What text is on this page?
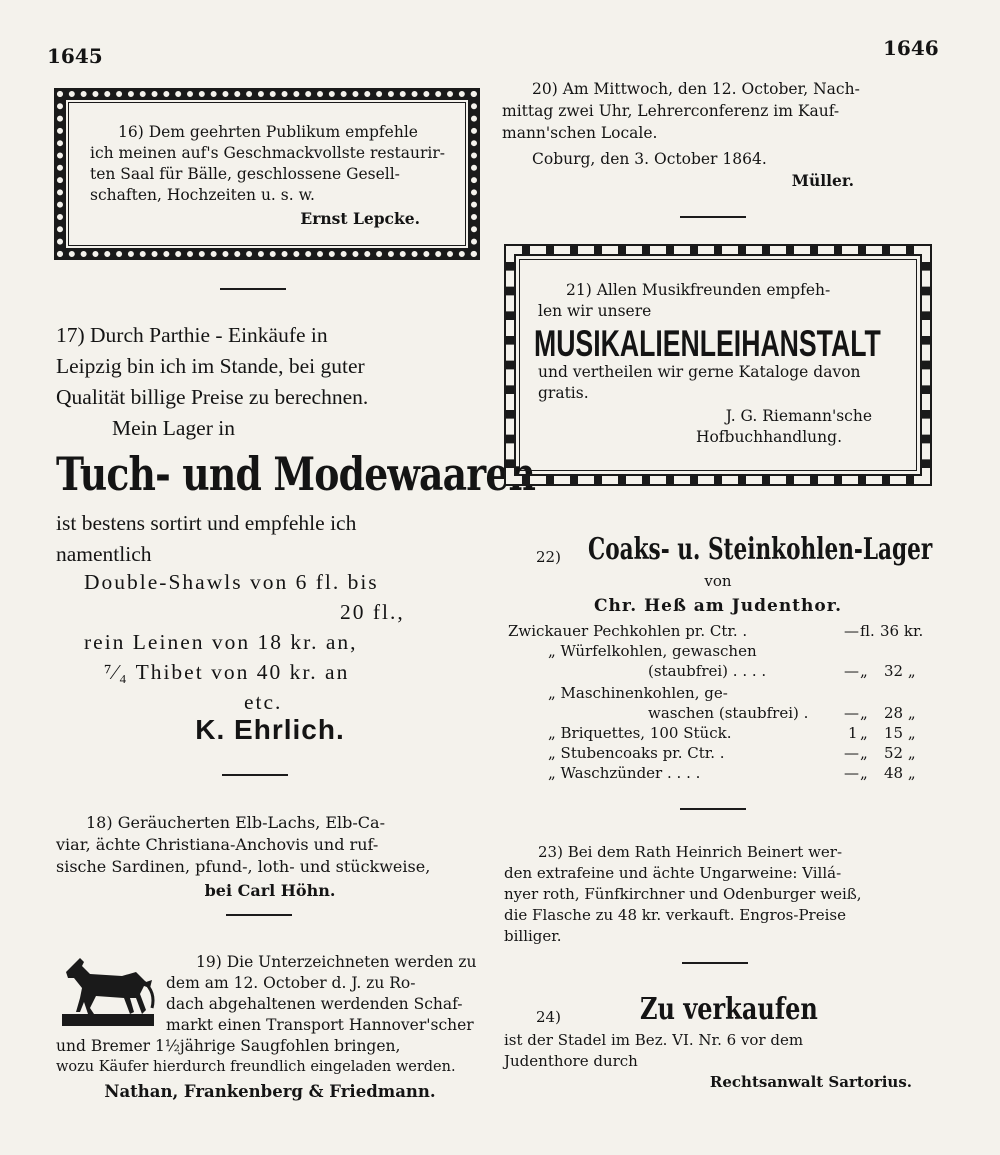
1645	1646
16) Dem geehrten Publikum empfehle
ich meinen auf's Geschmackvollste restaurir-
ten Saal für Bälle, geschlossene Gesell-
schaften, Hochzeiten u. s. w.
Ernst Lepcke.
17) Durch Parthie - Einkäufe in
Leipzig bin ich im Stande, bei guter
Qualität billige Preise zu berechnen.
Mein Lager in
Tuch- und Modewaaren
ist bestens sortirt und empfehle ich
namentlich
Double-Shawls von 6 fl. bis
20 fl.,
rein Leinen von 18 kr. an,
⁷⁄₄ Thibet von 40 kr. an
etc.
K. Ehrlich.
18) Geräucherten Elb-Lachs, Elb-Ca-
viar, ächte Christiana-Anchovis und ruf-
sische Sardinen, pfund-, loth- und stückweise,
bei Carl Höhn.
19) Die Unterzeichneten werden zu
dem am 12. October d. J. zu Ro-
dach abgehaltenen werdenden Schaf-
markt einen Transport Hannover'scher
und Bremer 1½jährige Saugfohlen bringen,
wozu Käufer hierdurch freundlich eingeladen werden.
Nathan, Frankenberg & Friedmann.
20) Am Mittwoch, den 12. October, Nach-
mittag zwei Uhr, Lehrerconferenz im Kauf-
mann'schen Locale.
Coburg, den 3. October 1864.
Müller.
21) Allen Musikfreunden empfeh-
len wir unsere
MUSIKALIENLEIHANSTALT
und vertheilen wir gerne Kataloge davon
gratis.
J. G. Riemann'sche
Hofbuchhandlung.
22) Coaks- u. Steinkohlen-Lager
von
Chr. Heß am Judenthor.
Zwickauer Pechkohlen pr. Ctr. .	— fl. 36 kr.
„ Würfelkohlen, gewaschen
(staubfrei) . . . .	— „ 32 „
„ Maschinenkohlen, ge-
waschen (staubfrei) . — „ 28 „
„ Briquettes, 100 Stück.	1 „ 15 „
„ Stubencoaks pr. Ctr. .	— „ 52 „
„ Waschzünder . . . .	— „ 48 „
23) Bei dem Rath Heinrich Beinert wer-
den extrafeine und ächte Ungarweine: Villá-
nyer roth, Fünfkirchner und Odenburger weiß,
die Flasche zu 48 kr. verkauft. Engros-Preise
billiger.
24)	Zu verkaufen
ist der Stadel im Bez. VI. Nr. 6 vor dem
Judenthore durch
Rechtsanwalt Sartorius.
